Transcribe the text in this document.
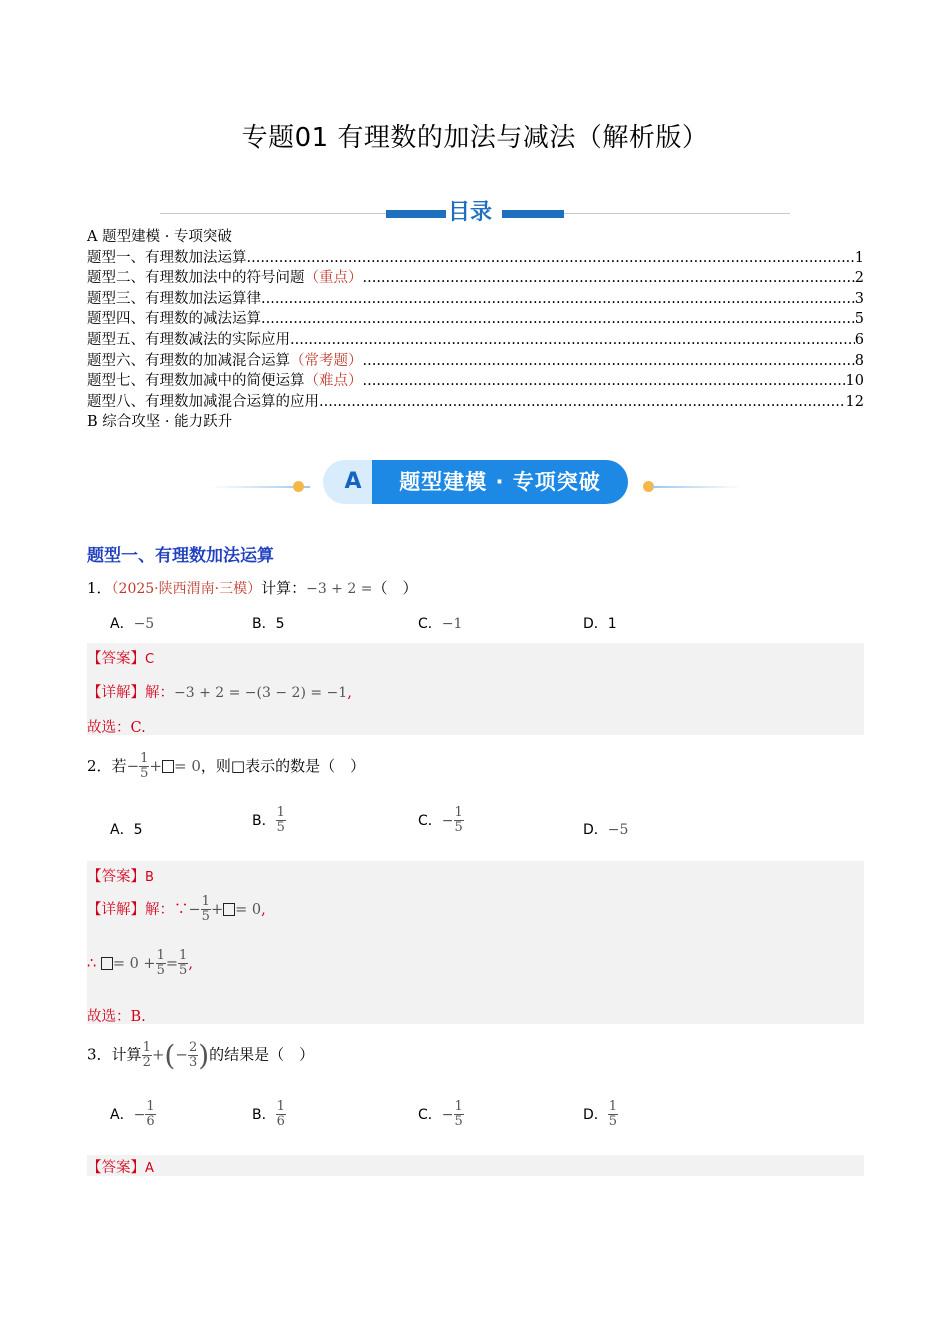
专题01 有理数的加法与减法（解析版）
目录
A 题型建模 · 专项突破
题型一、有理数加法运算 .....	1
题型二、有理数加法中的符号问题 （重点） .....	2
题型三、有理数加法运算律 .....	3
题型四、有理数的减法运算 .....	5
题型五、有理数减法的实际应用 .....	6
题型六、有理数的加减混合运算 （常考题） .....	8
题型七、有理数加减中的简便运算 （难点） .....	10
题型八、有理数加减混合运算的应用 .....	12
B 综合攻坚 · 能力跃升
A	题型建模 · 专项突破
题型一、有理数加法运算
1．（2025·陕西渭南·三模）计算：−3 + 2 =（　）
A．−5	B．5	C．−1	D．1
【答案】C
【详解】解：−3 + 2 = −(3 − 2) = −1,
故选：C.
2．若− $\frac{1}{5}$ + = 0，则□表示的数是（　）
A．5
B． $\frac{1}{5}$	C．− $\frac{1}{5}$	D．−5
【答案】B
【详解】解：∵− $\frac{1}{5}$ + = 0,
∴ = $0 + \frac{1}{5} = \frac{1}{5}$ ,
故选：B.
3．计算 $\frac{1}{2}$ +(− $\frac{2}{3}$ )的结果是（　）
A．− $\frac{1}{6}$	B． $\frac{1}{6}$	C．− $\frac{1}{5}$	D． $\frac{1}{5}$
【答案】A
